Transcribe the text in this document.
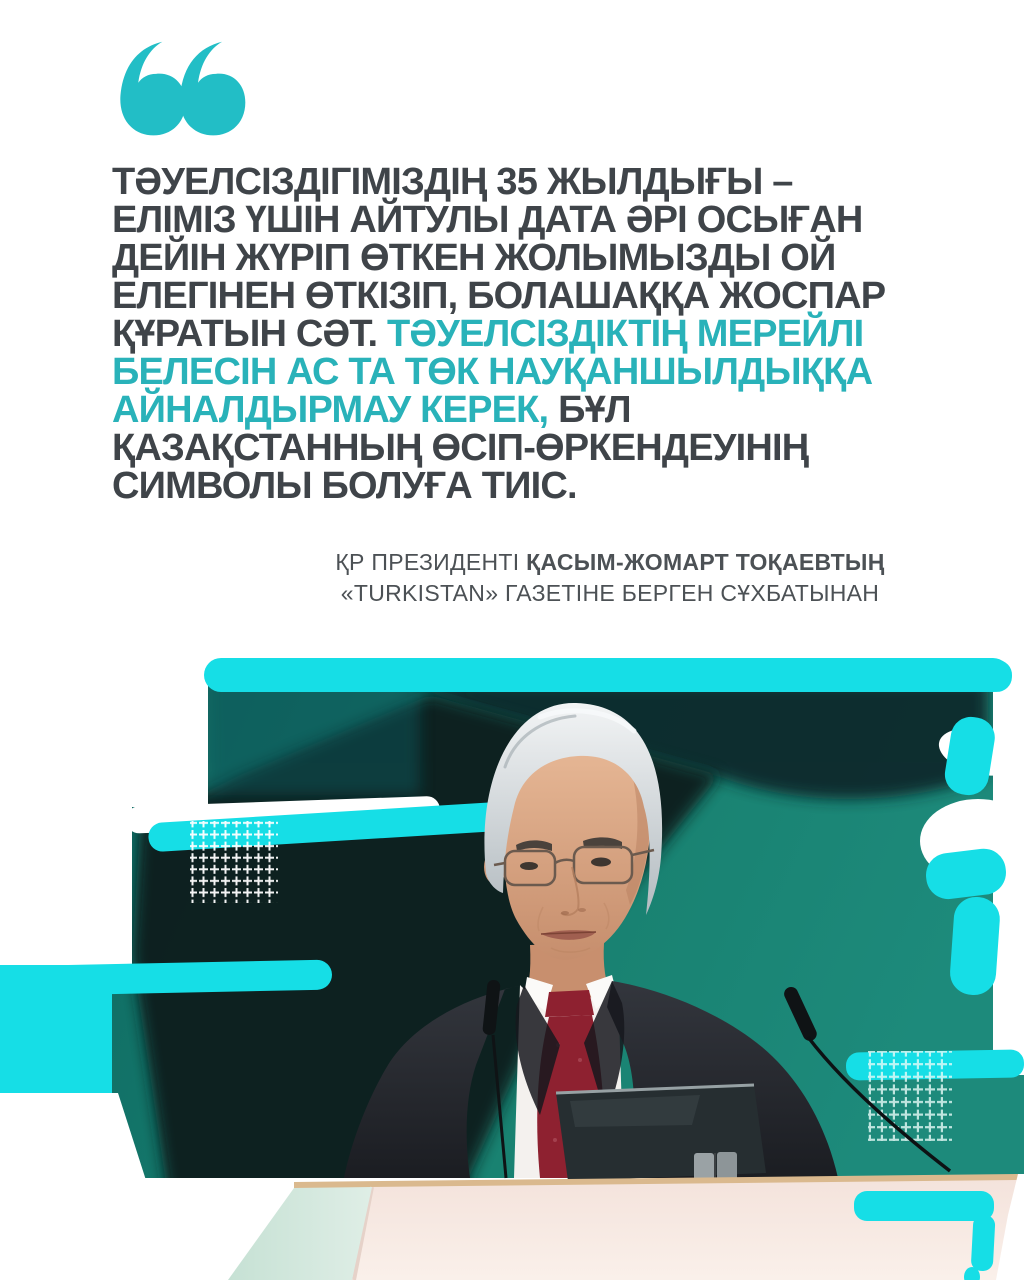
ТӘУЕЛСІЗДІГІМІЗДІҢ 35 ЖЫЛДЫҒЫ – ЕЛІМІЗ ҮШІН АЙТУЛЫ ДАТА ӘРІ ОСЫҒАН ДЕЙІН ЖҮРІП ӨТКЕН ЖОЛЫМЫЗДЫ ОЙ ЕЛЕГІНЕН ӨТКІЗІП, БОЛАШАҚҚА ЖОСПАР ҚҰРАТЫН СӘТ. ТӘУЕЛСІЗДІКТІҢ МЕРЕЙЛІ БЕЛЕСІН АС ТА ТӨК НАУҚАНШЫЛДЫҚҚА АЙНАЛДЫРМАУ КЕРЕК, БҰЛ ҚАЗАҚСТАННЫҢ ӨСІП-ӨРКЕНДЕУІНІҢ СИМВОЛЫ БОЛУҒА ТИІС.
ҚР ПРЕЗИДЕНТІ ҚАСЫМ-ЖОМАРТ ТОҚАЕВТЫҢ
«TURKISTAN» ГАЗЕТІНЕ БЕРГЕН СҰХБАТЫНАН
